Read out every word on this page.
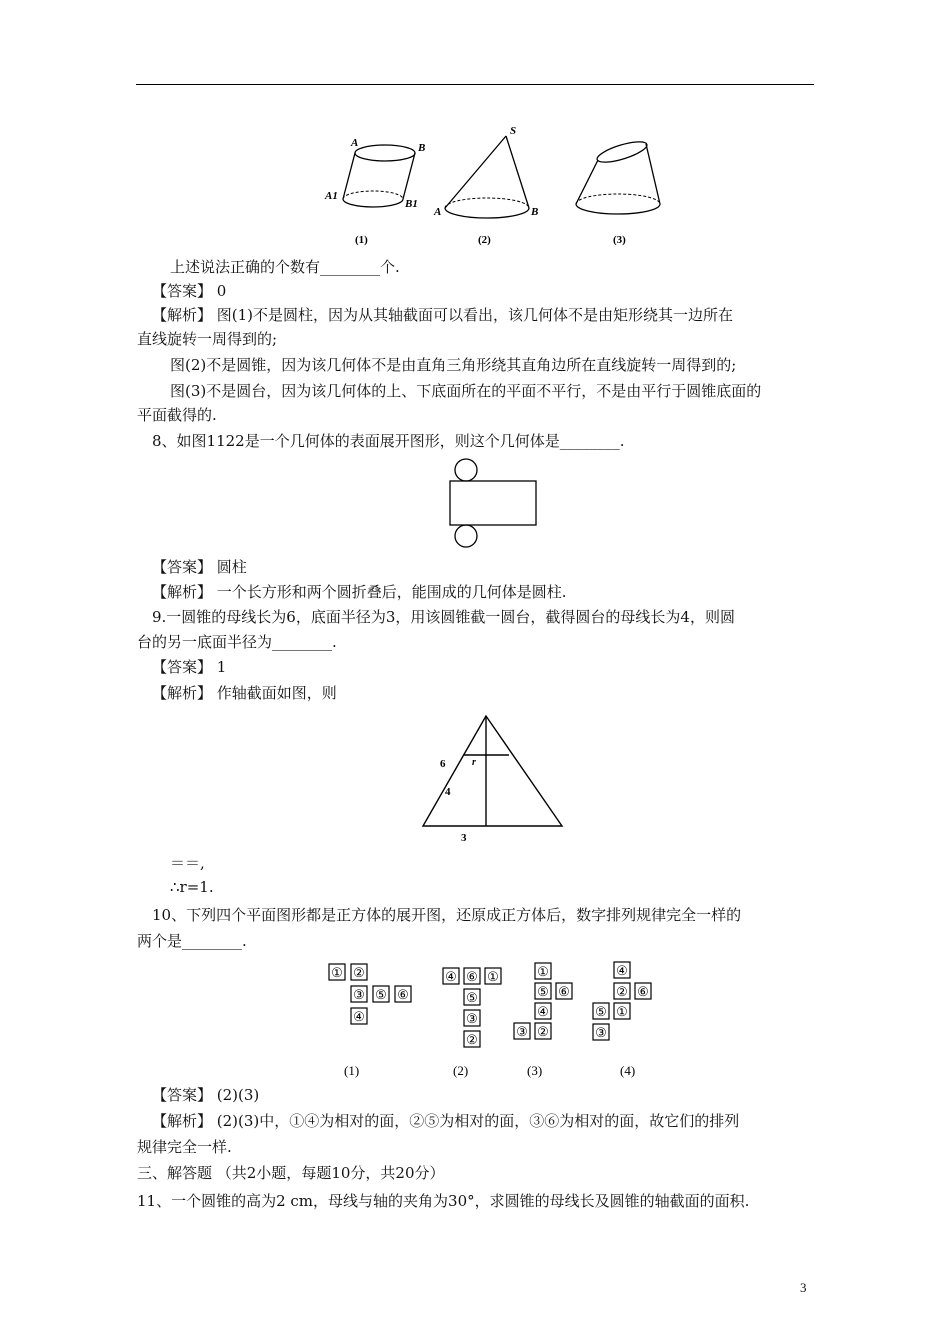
A	B
A1
B1
S
A	B
(1)	(2)	(3)
上述说法正确的个数有________个.
【答案】 0
【解析】 图(1)不是圆柱，因为从其轴截面可以看出，该几何体不是由矩形绕其一边所在
直线旋转一周得到的;
图(2)不是圆锥，因为该几何体不是由直角三角形绕其直角边所在直线旋转一周得到的;
图(3)不是圆台，因为该几何体的上、下底面所在的平面不平行，不是由平行于圆锥底面的
平面截得的.
8、如图1122是一个几何体的表面展开图形，则这个几何体是________.
【答案】 圆柱
【解析】 一个长方形和两个圆折叠后，能围成的几何体是圆柱.
9.一圆锥的母线长为6，底面半径为3，用该圆锥截一圆台，截得圆台的母线长为4，则圆
台的另一底面半径为________.
【答案】 1
【解析】 作轴截面如图，则
6	r
4
3
＝＝,
∴r=1.
10、下列四个平面图形都是正方体的展开图，还原成正方体后，数字排列规律完全一样的
两个是________.
① ②
③ ⑤ ⑥
④
④ ⑥ ①
⑤
③
②
①
⑤ ⑥
④
③ ②
④
② ⑥
⑤ ①
③
(1)	(2)	(3)	(4)
【答案】 (2)(3)
【解析】 (2)(3)中，①④为相对的面，②⑤为相对的面，③⑥为相对的面，故它们的排列
规律完全一样.
三、解答题 （共2小题，每题10分，共20分）
11、一个圆锥的高为2 cm，母线与轴的夹角为30°，求圆锥的母线长及圆锥的轴截面的面积.
3
